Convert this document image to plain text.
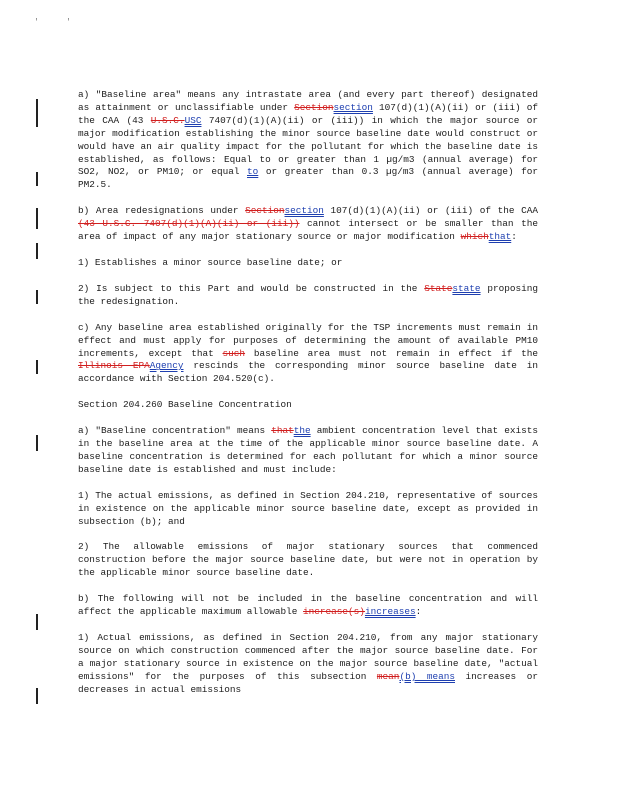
'	'

a) "Baseline area" means any intrastate area (and every part thereof) designated as attainment or unclassifiable under Sectionsection 107(d)(1)(A)(ii) or (iii) of the CAA (43 U.S.C.USC 7407(d)(1)(A)(ii) or (iii)) in which the major source or major modification establishing the minor source baseline date would construct or would have an air quality impact for the pollutant for which the baseline date is established, as follows: Equal to or greater than 1 µg/m3 (annual average) for SO2, NO2, or PM10; or equal to or greater than 0.3 µg/m3 (annual average) for PM2.5.

b) Area redesignations under Sectionsection 107(d)(1)(A)(ii) or (iii) of the CAA (43 U.S.C. 7407(d)(1)(A)(ii) or (iii)) cannot intersect or be smaller than the area of impact of any major stationary source or major modification whichthat:

1) Establishes a minor source baseline date; or

2) Is subject to this Part and would be constructed in the Statestate proposing the redesignation.

c) Any baseline area established originally for the TSP increments must remain in effect and must apply for purposes of determining the amount of available PM10 increments, except that such baseline area must not remain in effect if the Illinois EPAAgency rescinds the corresponding minor source baseline date in accordance with Section 204.520(c).

Section 204.260 Baseline Concentration

a) "Baseline concentration" means thatthe ambient concentration level that exists in the baseline area at the time of the applicable minor source baseline date. A baseline concentration is determined for each pollutant for which a minor source baseline date is established and must include:

1) The actual emissions, as defined in Section 204.210, representative of sources in existence on the applicable minor source baseline date, except as provided in subsection (b); and

2) The allowable emissions of major stationary sources that commenced construction before the major source baseline date, but were not in operation by the applicable minor source baseline date.

b) The following will not be included in the baseline concentration and will affect the applicable maximum allowable increase(s)increases:

1) Actual emissions, as defined in Section 204.210, from any major stationary source on which construction commenced after the major source baseline date. For a major stationary source in existence on the major source baseline date, "actual emissions" for the purposes of this subsection mean(b) means increases or decreases in actual emissions
